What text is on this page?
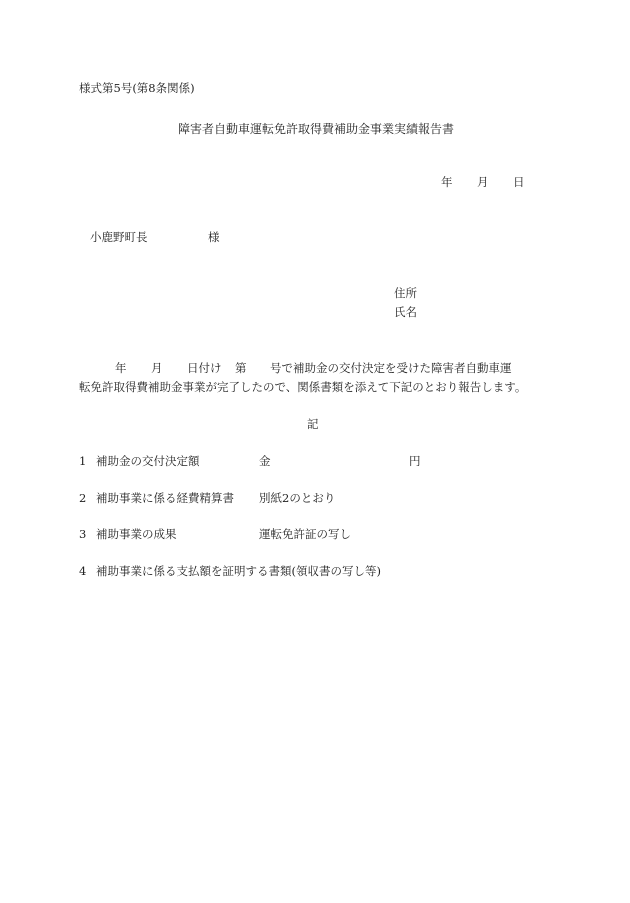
様式第5号(第8条関係)
障害者自動車運転免許取得費補助金事業実績報告書
年 月 日
小鹿野町長	様
住所
氏名
年 月 日付け 第 号で補助金の交付決定を受けた障害者自動車運
転免許取得費補助金事業が完了したので、関係書類を添えて下記のとおり報告します。
記
1 補助金の交付決定額	金	円
2 補助事業に係る経費精算書 別紙2のとおり
3 補助事業の成果	運転免許証の写し
4 補助事業に係る支払額を証明する書類(領収書の写し等)
